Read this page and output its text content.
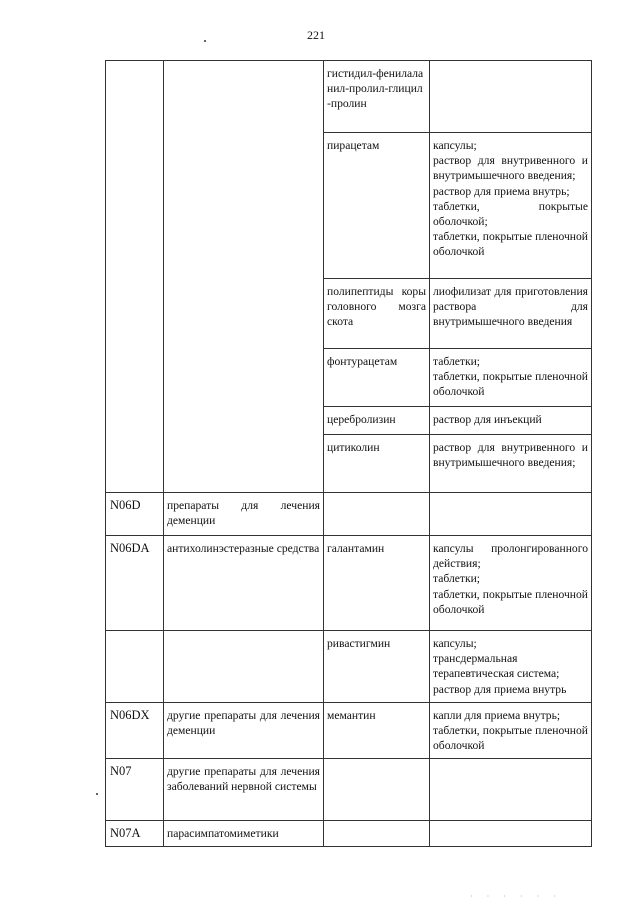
221
		гистидил-фенилаланил-пролил-глицил-пролин	
		пирацетам	капсулы;
раствор для внутривенного и внутримышечного введения;
раствор для приема внутрь;
таблетки, покрытые оболочкой;
таблетки, покрытые пленочной оболочкой

		полипептиды коры головного мозга скота	лиофилизат для приготовления раствора для внутримышечного введения

		фонтурацетам	таблетки;
таблетки, покрытые пленочной оболочкой

		церебролизин	раствор для инъекций

		цитиколин	раствор для внутривенного и внутримышечного введения;

N06D	препараты для лечения деменции		
N06DA	антихолинэстеразные средства	галантамин	капсулы пролонгированного действия;
таблетки;
таблетки, покрытые пленочной оболочкой

		ривастигмин	капсулы;
трансдермальная терапевтическая система;
раствор для приема внутрь

N06DX	другие препараты для лечения деменции	мемантин	капли для приема внутрь;
таблетки, покрытые пленочной оболочкой

N07	другие препараты для лечения заболеваний нервной системы		
N07A	парасимпатомиметики		
· · · · · ·
